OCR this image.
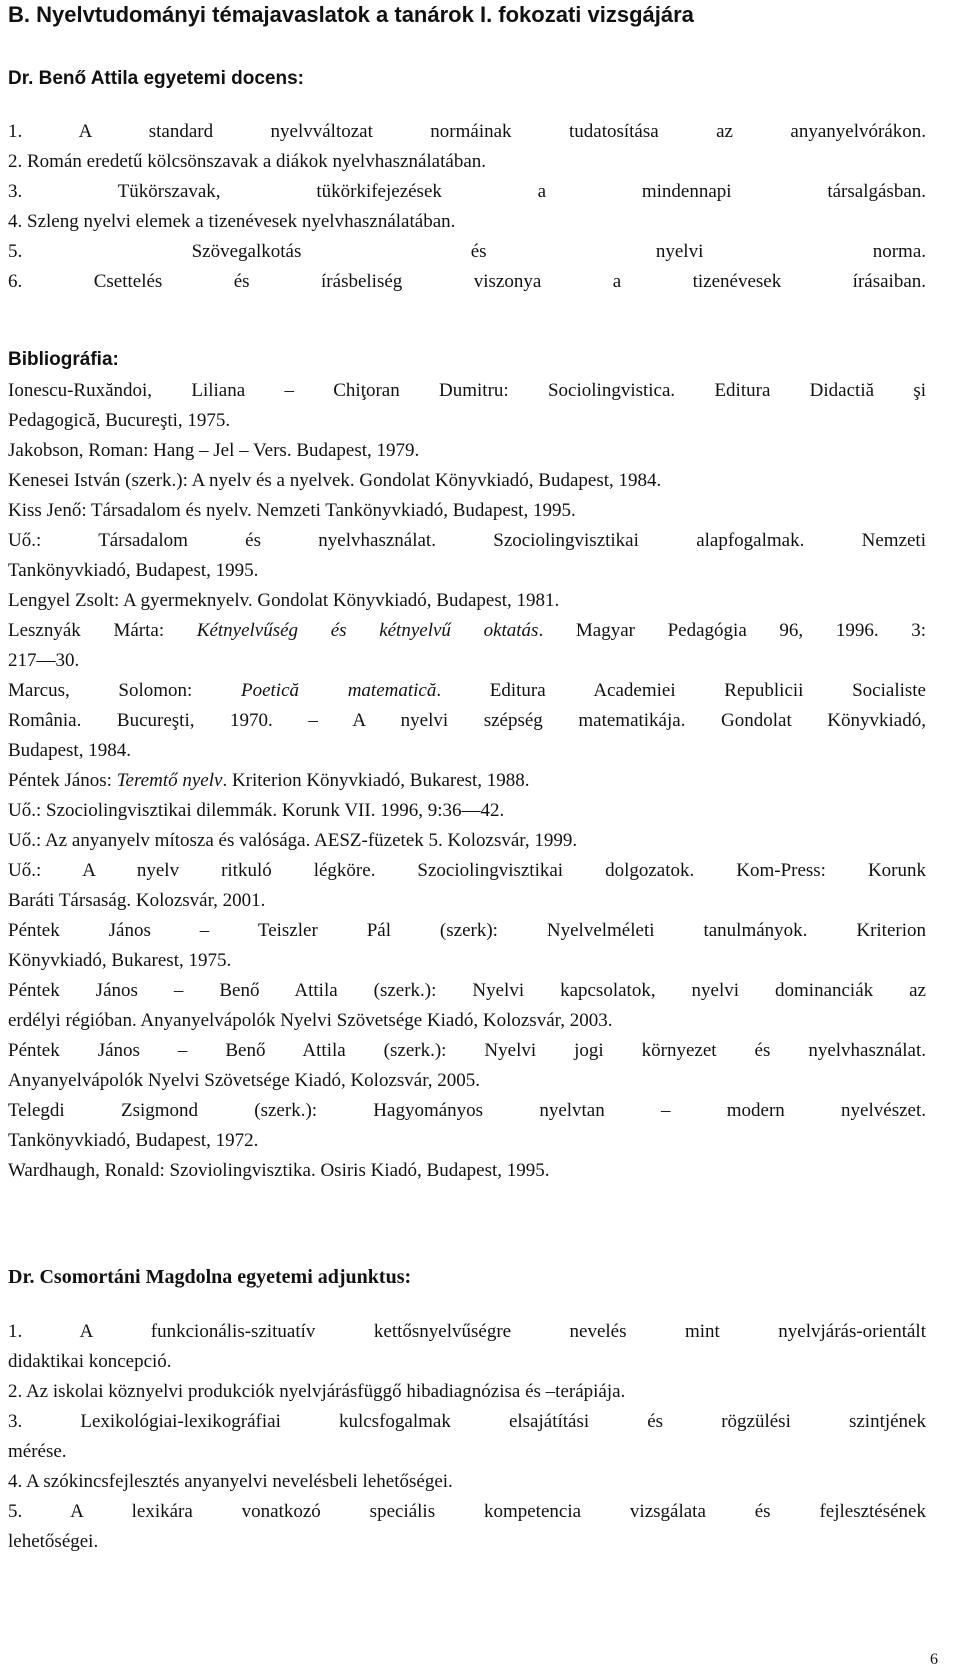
B. Nyelvtudományi témajavaslatok a tanárok I. fokozati vizsgájára
Dr. Benő Attila egyetemi docens:
1. A standard nyelvváltozat normáinak tudatosítása az anyanyelvórákon.
2. Román eredetű kölcsönszavak a diákok nyelvhasználatában.
3. Tükörszavak, tükörkifejezések a mindennapi társalgásban.
4. Szleng nyelvi elemek a tizenévesek nyelvhasználatában.
5. Szövegalkotás és nyelvi norma.
6. Csettelés és írásbeliség viszonya a tizenévesek írásaiban.
Bibliográfia:
Ionescu-Ruxăndoi, Liliana – Chiţoran Dumitru: Sociolingvistica. Editura Didactiă şi
Pedagogică, Bucureşti, 1975.
Jakobson, Roman: Hang – Jel – Vers. Budapest, 1979.
Kenesei István (szerk.): A nyelv és a nyelvek. Gondolat Könyvkiadó, Budapest, 1984.
Kiss Jenő: Társadalom és nyelv. Nemzeti Tankönyvkiadó, Budapest, 1995.
Uő.: Társadalom és nyelvhasználat. Szociolingvisztikai alapfogalmak. Nemzeti
Tankönyvkiadó, Budapest, 1995.
Lengyel Zsolt: A gyermeknyelv. Gondolat Könyvkiadó, Budapest, 1981.
Lesznyák Márta: Kétnyelvűség és kétnyelvű oktatás. Magyar Pedagógia 96, 1996. 3:
217—30.
Marcus, Solomon: Poetică matematică. Editura Academiei Republicii Socialiste
România. Bucureşti, 1970. – A nyelvi szépség matematikája. Gondolat Könyvkiadó,
Budapest, 1984.
Péntek János: Teremtő nyelv. Kriterion Könyvkiadó, Bukarest, 1988.
Uő.: Szociolingvisztikai dilemmák. Korunk VII. 1996, 9:36—42.
Uő.: Az anyanyelv mítosza és valósága. AESZ-füzetek 5. Kolozsvár, 1999.
Uő.: A nyelv ritkuló légköre. Szociolingvisztikai dolgozatok. Kom-Press: Korunk
Baráti Társaság. Kolozsvár, 2001.
Péntek János – Teiszler Pál (szerk): Nyelvelméleti tanulmányok. Kriterion
Könyvkiadó, Bukarest, 1975.
Péntek János – Benő Attila (szerk.): Nyelvi kapcsolatok, nyelvi dominanciák az
erdélyi régióban. Anyanyelvápolók Nyelvi Szövetsége Kiadó, Kolozsvár, 2003.
Péntek János – Benő Attila (szerk.): Nyelvi jogi környezet és nyelvhasználat.
Anyanyelvápolók Nyelvi Szövetsége Kiadó, Kolozsvár, 2005.
Telegdi Zsigmond (szerk.): Hagyományos nyelvtan – modern nyelvészet.
Tankönyvkiadó, Budapest, 1972.
Wardhaugh, Ronald: Szoviolingvisztika. Osiris Kiadó, Budapest, 1995.
Dr. Csomortáni Magdolna egyetemi adjunktus:
1. A funkcionális-szituatív kettősnyelvűségre nevelés mint nyelvjárás-orientált
didaktikai koncepció.
2. Az iskolai köznyelvi produkciók nyelvjárásfüggő hibadiagnózisa és –terápiája.
3. Lexikológiai-lexikográfiai kulcsfogalmak elsajátítási és rögzülési szintjének
mérése.
4. A szókincsfejlesztés anyanyelvi nevelésbeli lehetőségei.
5. A lexikára vonatkozó speciális kompetencia vizsgálata és fejlesztésének
lehetőségei.
6
